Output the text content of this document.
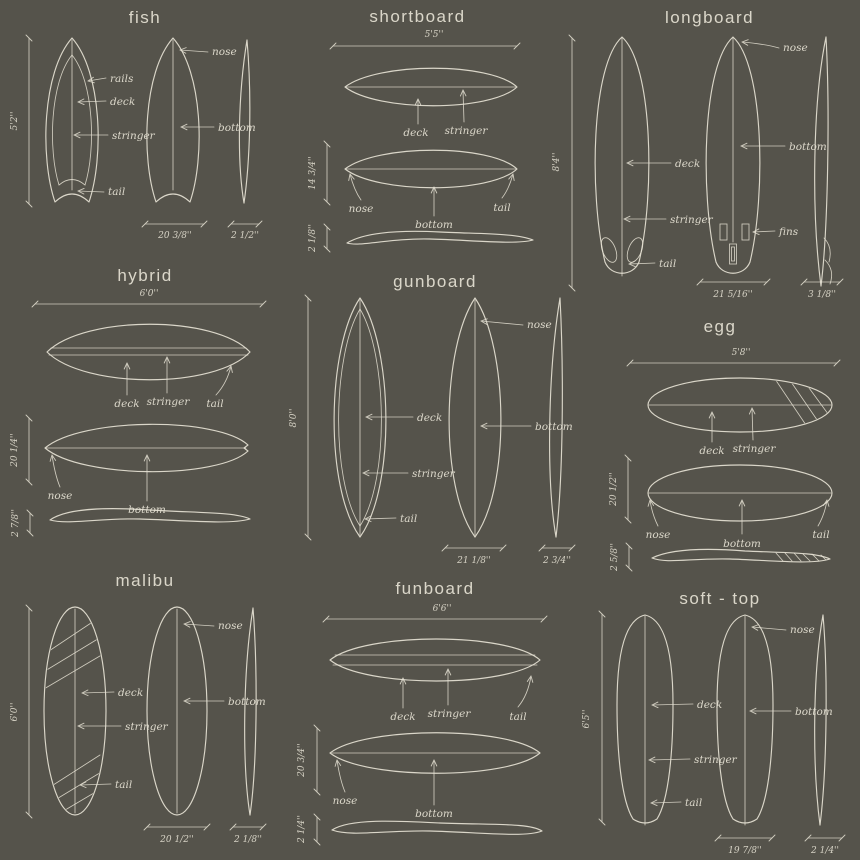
fish
5'2''
rails
deck
stringer
tail
nose
bottom
20 3/8''	2 1/2''
shortboard
5'5''
deck stringer
nose
bottom
tail
14 3/4''
2 1/8''
longboard
8'4''	deck
stringer
tail
nose
bottom
fins
21 5/16''	3 1/8''
hybrid
6'0''
deck stringer tail
nose
bottom
20 1/4''
2 7/8''
gunboard
8'0''	deck
stringer
tail
nose
bottom
21 1/8''	2 3/4''
egg
5'8''
deck stringer
nose
bottom
tail
20 1/2''
2 5/8''
malibu
6'0''
deck
stringer
tail
nose
bottom
20 1/2''	2 1/8''
funboard
6'6''
deck stringer	tail
nose
bottom
20 3/4''
2 1/4''
soft - top
6'5''
deck
stringer
tail
nose
bottom
19 7/8''	2 1/4''
